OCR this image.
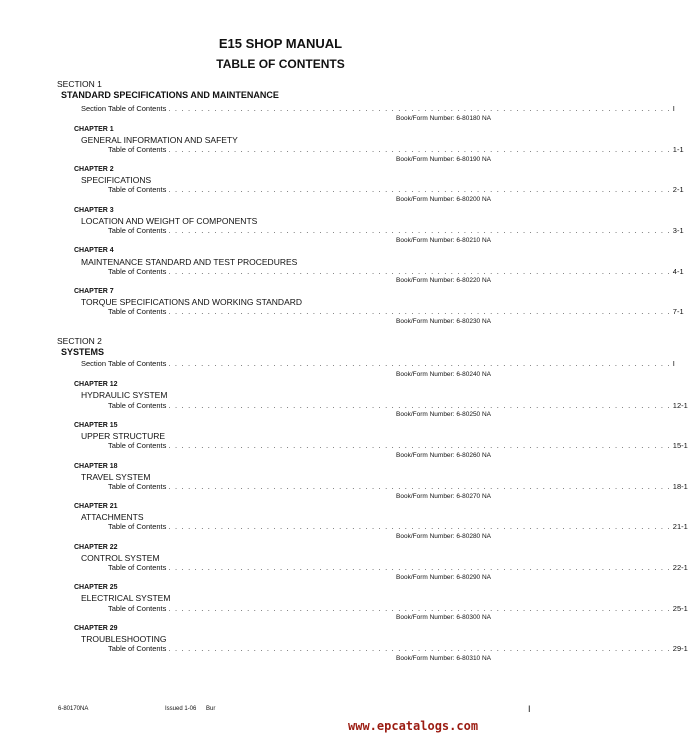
E15 SHOP MANUAL
TABLE OF CONTENTS
SECTION 1
STANDARD SPECIFICATIONS AND MAINTENANCE
Section Table of Contents . . . . . . . . . . . . . . . . . . . . . . . . . . . . . . . . . . . . . . . . . . . . . . . . . . . . . . . . . . . . . . . . . . . . . . . . . . . . . I
Book/Form Number: 6-80180 NA
CHAPTER 1
GENERAL INFORMATION AND SAFETY
Table of Contents . . . . . . . . . . . . . . . . . . . . . . . . . . . . . . . . . . . . . . . . . . . . . . . . . . . . . . . . . . . . . . . . . . . . . . . . . . . . . 1-1
Book/Form Number: 6-80190 NA
CHAPTER 2
SPECIFICATIONS
Table of Contents . . . . . . . . . . . . . . . . . . . . . . . . . . . . . . . . . . . . . . . . . . . . . . . . . . . . . . . . . . . . . . . . . . . . . . . . . . . . . 2-1
Book/Form Number: 6-80200 NA
CHAPTER 3
LOCATION AND WEIGHT OF COMPONENTS
Table of Contents . . . . . . . . . . . . . . . . . . . . . . . . . . . . . . . . . . . . . . . . . . . . . . . . . . . . . . . . . . . . . . . . . . . . . . . . . . . . . 3-1
Book/Form Number: 6-80210 NA
CHAPTER 4
MAINTENANCE STANDARD AND TEST PROCEDURES
Table of Contents . . . . . . . . . . . . . . . . . . . . . . . . . . . . . . . . . . . . . . . . . . . . . . . . . . . . . . . . . . . . . . . . . . . . . . . . . . . . . 4-1
Book/Form Number: 6-80220 NA
CHAPTER 7
TORQUE SPECIFICATIONS AND WORKING STANDARD
Table of Contents . . . . . . . . . . . . . . . . . . . . . . . . . . . . . . . . . . . . . . . . . . . . . . . . . . . . . . . . . . . . . . . . . . . . . . . . . . . . . 7-1
Book/Form Number: 6-80230 NA
SECTION 2
SYSTEMS
Section Table of Contents . . . . . . . . . . . . . . . . . . . . . . . . . . . . . . . . . . . . . . . . . . . . . . . . . . . . . . . . . . . . . . . . . . . . . . . . . . . . . I
Book/Form Number: 6-80240 NA
CHAPTER 12
HYDRAULIC SYSTEM
Table of Contents . . . . . . . . . . . . . . . . . . . . . . . . . . . . . . . . . . . . . . . . . . . . . . . . . . . . . . . . . . . . . . . . . . . . . . . . . . . . . 12-1
Book/Form Number: 6-80250 NA
CHAPTER 15
UPPER STRUCTURE
Table of Contents . . . . . . . . . . . . . . . . . . . . . . . . . . . . . . . . . . . . . . . . . . . . . . . . . . . . . . . . . . . . . . . . . . . . . . . . . . . . . 15-1
Book/Form Number: 6-80260 NA
CHAPTER 18
TRAVEL SYSTEM
Table of Contents . . . . . . . . . . . . . . . . . . . . . . . . . . . . . . . . . . . . . . . . . . . . . . . . . . . . . . . . . . . . . . . . . . . . . . . . . . . . . 18-1
Book/Form Number: 6-80270 NA
CHAPTER 21
ATTACHMENTS
Table of Contents . . . . . . . . . . . . . . . . . . . . . . . . . . . . . . . . . . . . . . . . . . . . . . . . . . . . . . . . . . . . . . . . . . . . . . . . . . . . . 21-1
Book/Form Number: 6-80280 NA
CHAPTER 22
CONTROL SYSTEM
Table of Contents . . . . . . . . . . . . . . . . . . . . . . . . . . . . . . . . . . . . . . . . . . . . . . . . . . . . . . . . . . . . . . . . . . . . . . . . . . . . . 22-1
Book/Form Number: 6-80290 NA
CHAPTER 25
ELECTRICAL SYSTEM
Table of Contents . . . . . . . . . . . . . . . . . . . . . . . . . . . . . . . . . . . . . . . . . . . . . . . . . . . . . . . . . . . . . . . . . . . . . . . . . . . . . 25-1
Book/Form Number: 6-80300 NA
CHAPTER 29
TROUBLESHOOTING
Table of Contents . . . . . . . . . . . . . . . . . . . . . . . . . . . . . . . . . . . . . . . . . . . . . . . . . . . . . . . . . . . . . . . . . . . . . . . . . . . . . 29-1
Book/Form Number: 6-80310 NA
6-80170NA	Issued 1-06 Bur
www.epcatalogs.com
I
